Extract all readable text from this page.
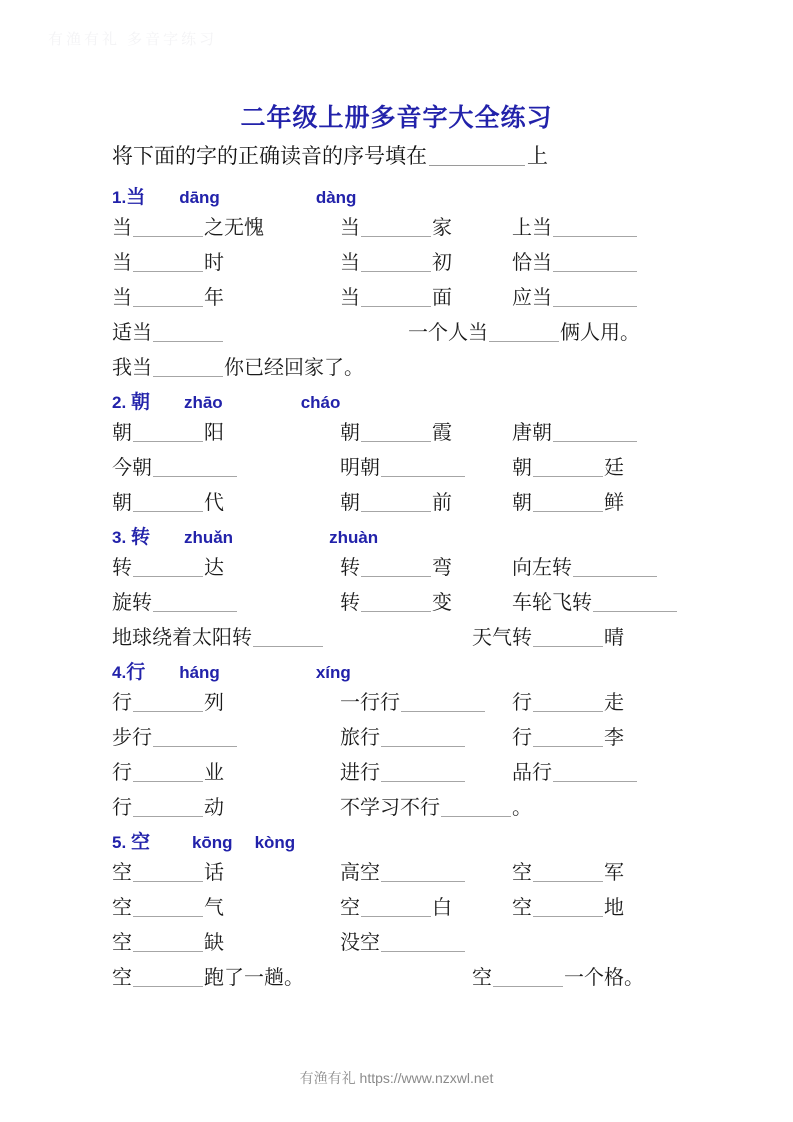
有渔有礼 多音字练习
二年级上册多音字大全练习
将下面的字的正确读音的序号填在	上
1.当 dāng	dàng
当	之无愧	当	家	上当
当	时	当	初	恰当
当	年	当	面	应当
适当	一个人当	俩人用。
我当	你已经回家了。
2. 朝 zhāo	cháo
朝	阳	朝	霞	唐朝
今朝	明朝	朝	廷
朝	代	朝	前	朝	鲜
3. 转 zhuǎn	zhuàn
转	达	转	弯	向左转
旋转	转	变	车轮飞转
地球绕着太阳转	天气转	晴
4.行 háng	xíng
行	列	一行行	行	走
步行	旅行	行	李
行	业	进行	品行
行	动	不学习不行	。
5. 空 kōng kòng
空	话	高空	空	军
空	气	空	白	空	地
空	缺	没空
空	跑了一趟。	空	一个格。
有渔有礼 https://www.nzxwl.net
